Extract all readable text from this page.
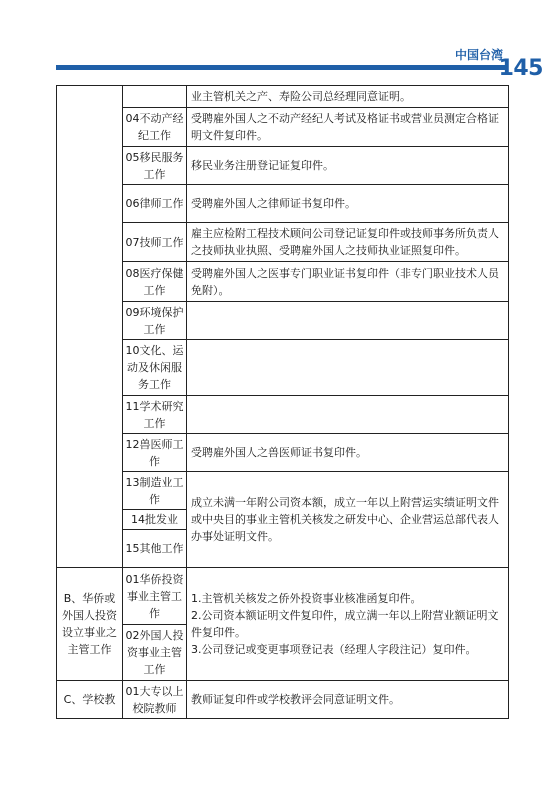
中国台湾
145

		业主管机关之产、寿险公司总经理同意证明。

	04不动产经纪工作	受聘雇外国人之不动产经纪人考试及格证书或营业员测定合格证明文件复印件。

	05移民服务工作	移民业务注册登记证复印件。

	06律师工作	受聘雇外国人之律师证书复印件。

	07技师工作	雇主应检附工程技术顾问公司登记证复印件或技师事务所负责人之技师执业执照、受聘雇外国人之技师执业证照复印件。

	08医疗保健工作	受聘雇外国人之医事专门职业证书复印件（非专门职业技术人员免附）。

	09环境保护工作	
	10文化、运动及休闲服务工作	
	11学术研究工作	
	12兽医师工作	受聘雇外国人之兽医师证书复印件。

	13制造业工作	成立未满一年附公司资本额，成立一年以上附营运实绩证明文件或中央目的事业主管机关核发之研发中心、企业营运总部代表人办事处证明文件。

	14批发业	
	15其他工作	
B、华侨或外国人投资设立事业之主管工作	01华侨投资事业主管工作	1.主管机关核发之侨外投资事业核准函复印件。
2.公司资本额证明文件复印件，成立满一年以上附营业额证明文件复印件。
3.公司登记或变更事项登记表（经理人字段注记）复印件。

	02外国人投资事业主管工作	
C、学校教	01大专以上校院教师	教师证复印件或学校教评会同意证明文件。
